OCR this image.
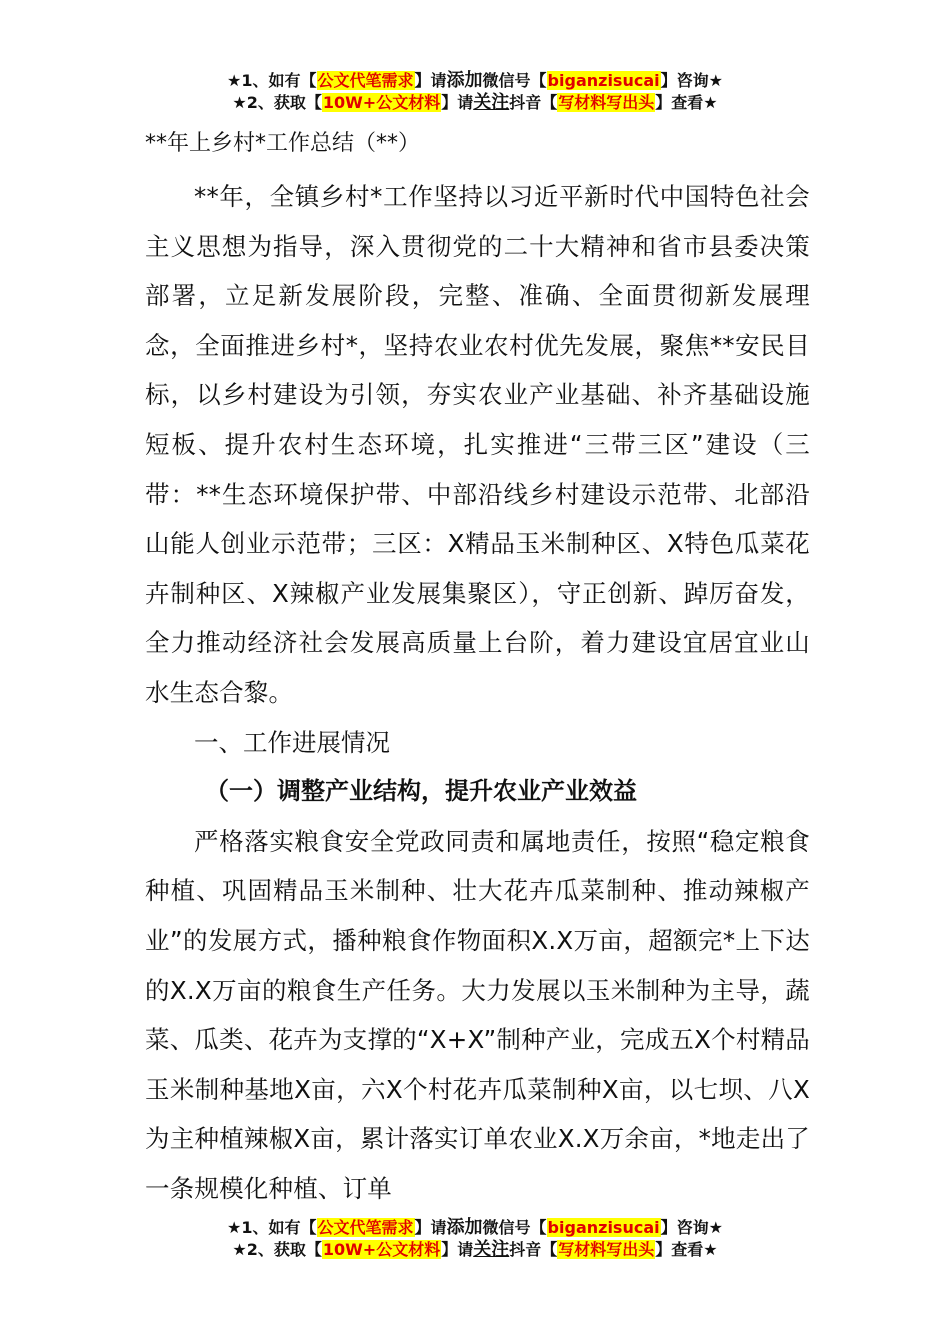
★1、如有【公文代笔需求】请添加微信号【biganzisucai】咨询★
★2、获取【10W+公文材料】请关注抖音【写材料写出头】查看★

**年上乡村*工作总结（**）

**年，全镇乡村*工作坚持以习近平新时代中国特色社会主义思想为指导，深入贯彻党的二十大精神和省市县委决策部署，立足新发展阶段，完整、准确、全面贯彻新发展理念，全面推进乡村*，坚持农业农村优先发展，聚焦**安民目标，以乡村建设为引领，夯实农业产业基础、补齐基础设施短板、提升农村生态环境，扎实推进“三带三区”建设（三带：**生态环境保护带、中部沿线乡村建设示范带、北部沿山能人创业示范带；三区：X精品玉米制种区、X特色瓜菜花卉制种区、X辣椒产业发展集聚区），守正创新、踔厉奋发，全力推动经济社会发展高质量上台阶，着力建设宜居宜业山水生态合黎。

一、工作进展情况

（一）调整产业结构，提升农业产业效益

严格落实粮食安全党政同责和属地责任，按照“稳定粮食种植、巩固精品玉米制种、壮大花卉瓜菜制种、推动辣椒产业”的发展方式，播种粮食作物面积X.X万亩，超额完*上下达的X.X万亩的粮食生产任务。大力发展以玉米制种为主导，蔬菜、瓜类、花卉为支撑的“X+X”制种产业，完成五X个村精品玉米制种基地X亩，六X个村花卉瓜菜制种X亩，以七坝、八X为主种植辣椒X亩，累计落实订单农业X.X万余亩，*地走出了一条规模化种植、订单

★1、如有【公文代笔需求】请添加微信号【biganzisucai】咨询★
★2、获取【10W+公文材料】请关注抖音【写材料写出头】查看★
